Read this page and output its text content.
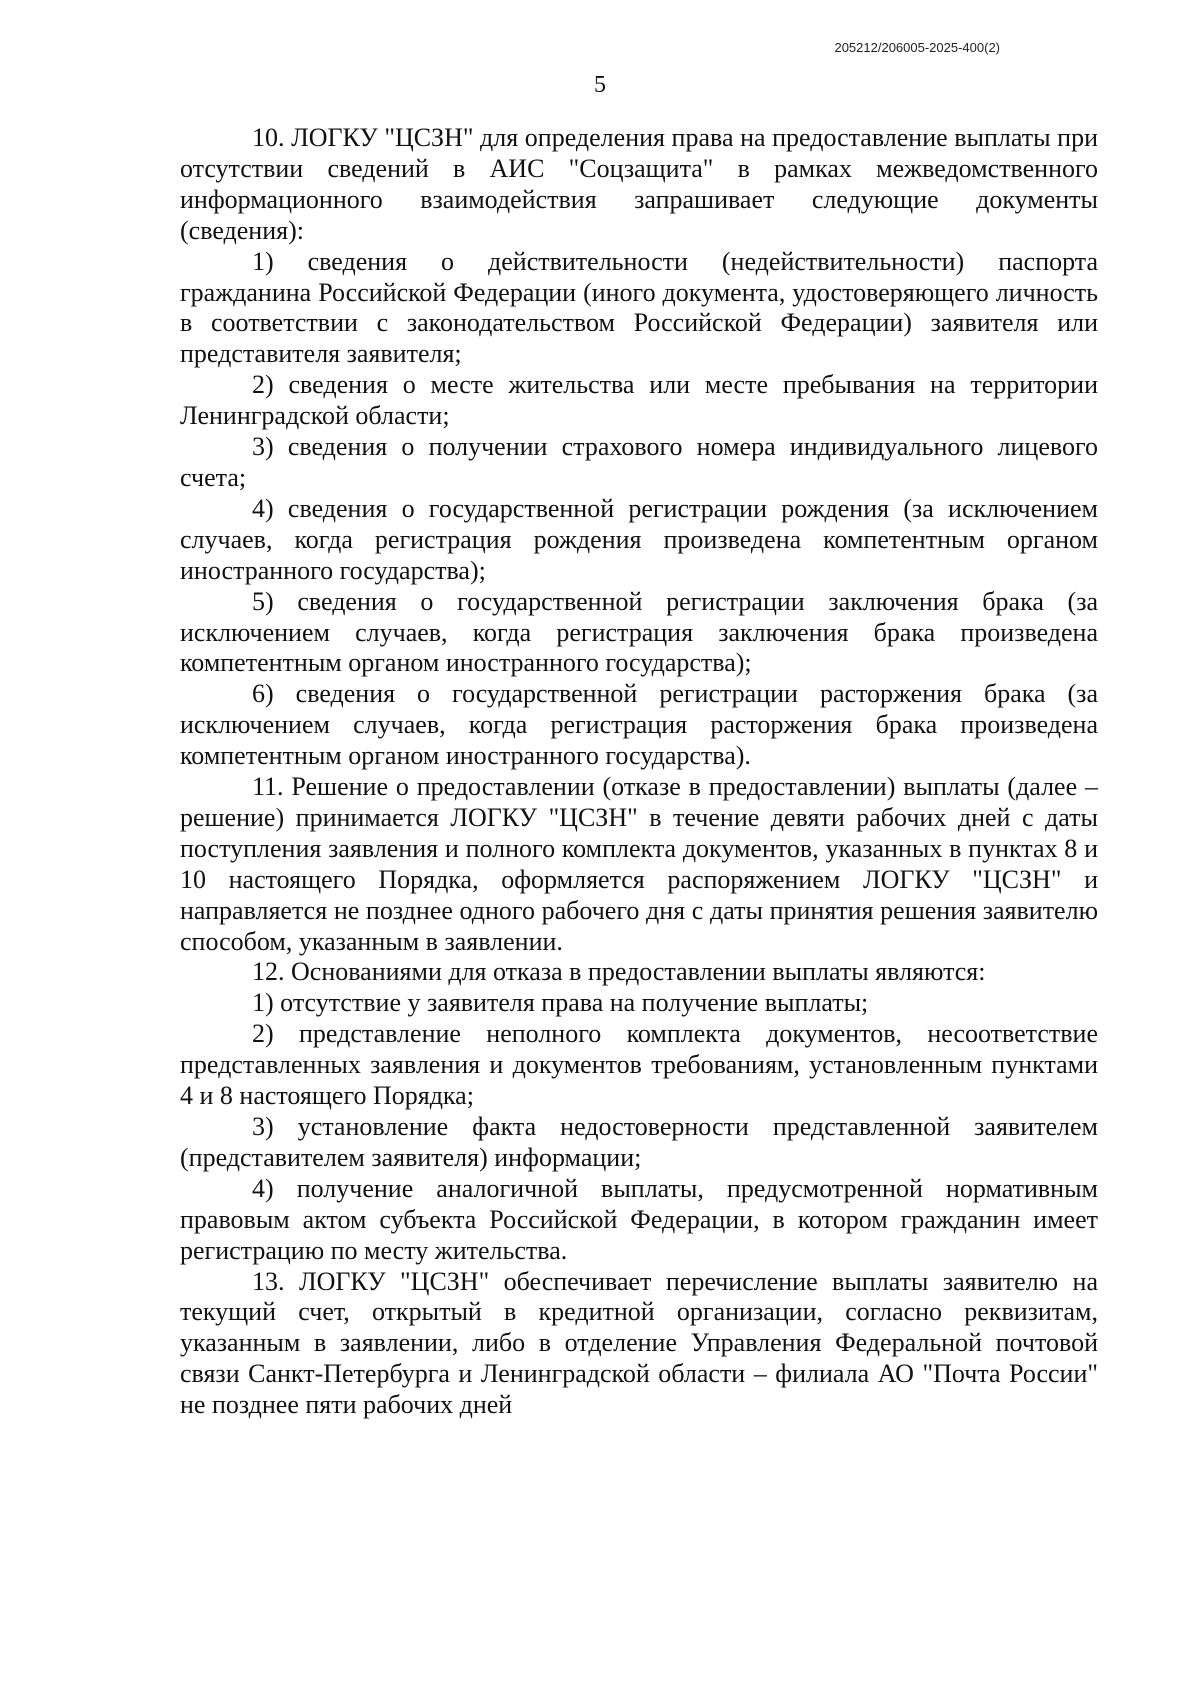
205212/206005-2025-400(2)
5

10. ЛОГКУ "ЦСЗН" для определения права на предоставление выплаты при отсутствии сведений в АИС "Соцзащита" в рамках межведомственного информационного взаимодействия запрашивает следующие документы (сведения):

1) сведения о действительности (недействительности) паспорта гражданина Российской Федерации (иного документа, удостоверяющего личность в соответствии с законодательством Российской Федерации) заявителя или представителя заявителя;

2) сведения о месте жительства или месте пребывания на территории Ленинградской области;

3) сведения о получении страхового номера индивидуального лицевого счета;

4) сведения о государственной регистрации рождения (за исключением случаев, когда регистрация рождения произведена компетентным органом иностранного государства);

5) сведения о государственной регистрации заключения брака (за исключением случаев, когда регистрация заключения брака произведена компетентным органом иностранного государства);

6) сведения о государственной регистрации расторжения брака (за исключением случаев, когда регистрация расторжения брака произведена компетентным органом иностранного государства).

11. Решение о предоставлении (отказе в предоставлении) выплаты (далее – решение) принимается ЛОГКУ "ЦСЗН" в течение девяти рабочих дней с даты поступления заявления и полного комплекта документов, указанных в пунктах 8 и 10 настоящего Порядка, оформляется распоряжением ЛОГКУ "ЦСЗН" и направляется не позднее одного рабочего дня с даты принятия решения заявителю способом, указанным в заявлении.

12. Основаниями для отказа в предоставлении выплаты являются:

1) отсутствие у заявителя права на получение выплаты;

2) представление неполного комплекта документов, несоответствие представленных заявления и документов требованиям, установленным пунктами 4 и 8 настоящего Порядка;

3) установление факта недостоверности представленной заявителем (представителем заявителя) информации;

4) получение аналогичной выплаты, предусмотренной нормативным правовым актом субъекта Российской Федерации, в котором гражданин имеет регистрацию по месту жительства.

13. ЛОГКУ "ЦСЗН" обеспечивает перечисление выплаты заявителю на текущий счет, открытый в кредитной организации, согласно реквизитам, указанным в заявлении, либо в отделение Управления Федеральной почтовой связи Санкт-Петербурга и Ленинградской области – филиала АО "Почта России" не позднее пяти рабочих дней
